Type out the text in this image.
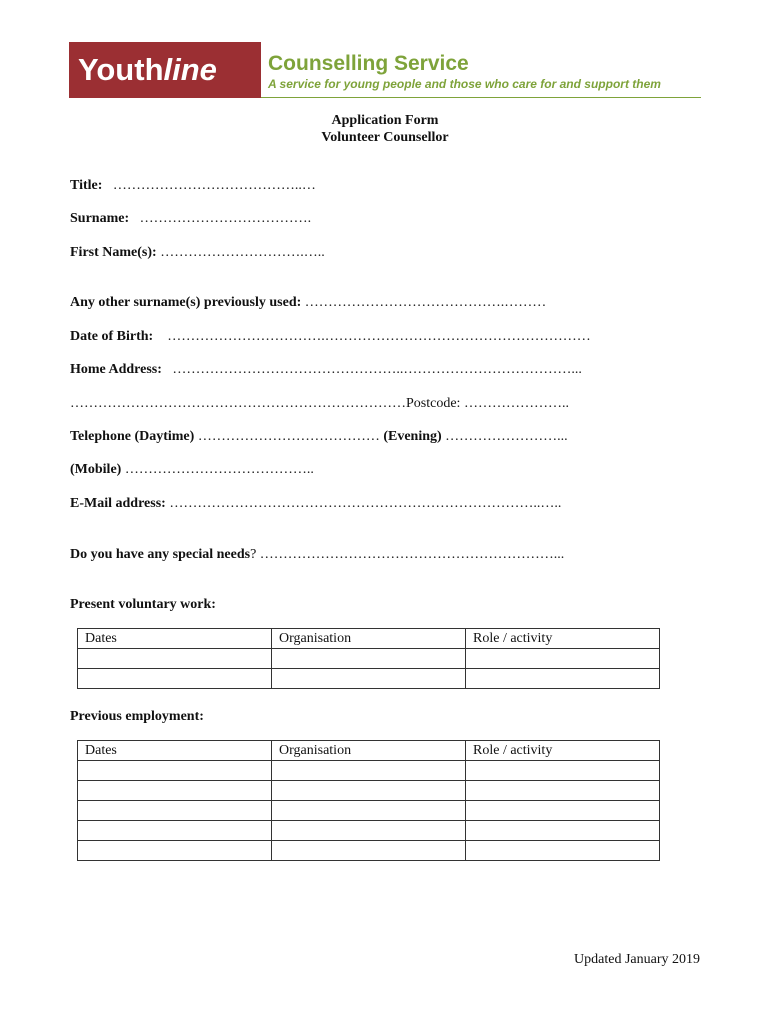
Youthline	Counselling Service
A service for young people and those who care for and support them
Application Form
Volunteer Counsellor
Title: …………………………………..…
Surname: ……………………………….
First Name(s): ………………………….…..
Any other surname(s) previously used: …………………………………….………
Date of Birth: …………………………….…………………………………………………
Home Address: …………………………………………..………………………………...
………………………………………………………………Postcode: …………………..
Telephone (Daytime) ………………………………… (Evening) ……………………...
(Mobile) …………………………………..
E-Mail address: ……………………………………………………………………..…..
Do you have any special needs? ………………………………………………………...
Present voluntary work:
Dates	Organisation	Role / activity

Previous employment:
Dates	Organisation	Role / activity

Updated January 2019
